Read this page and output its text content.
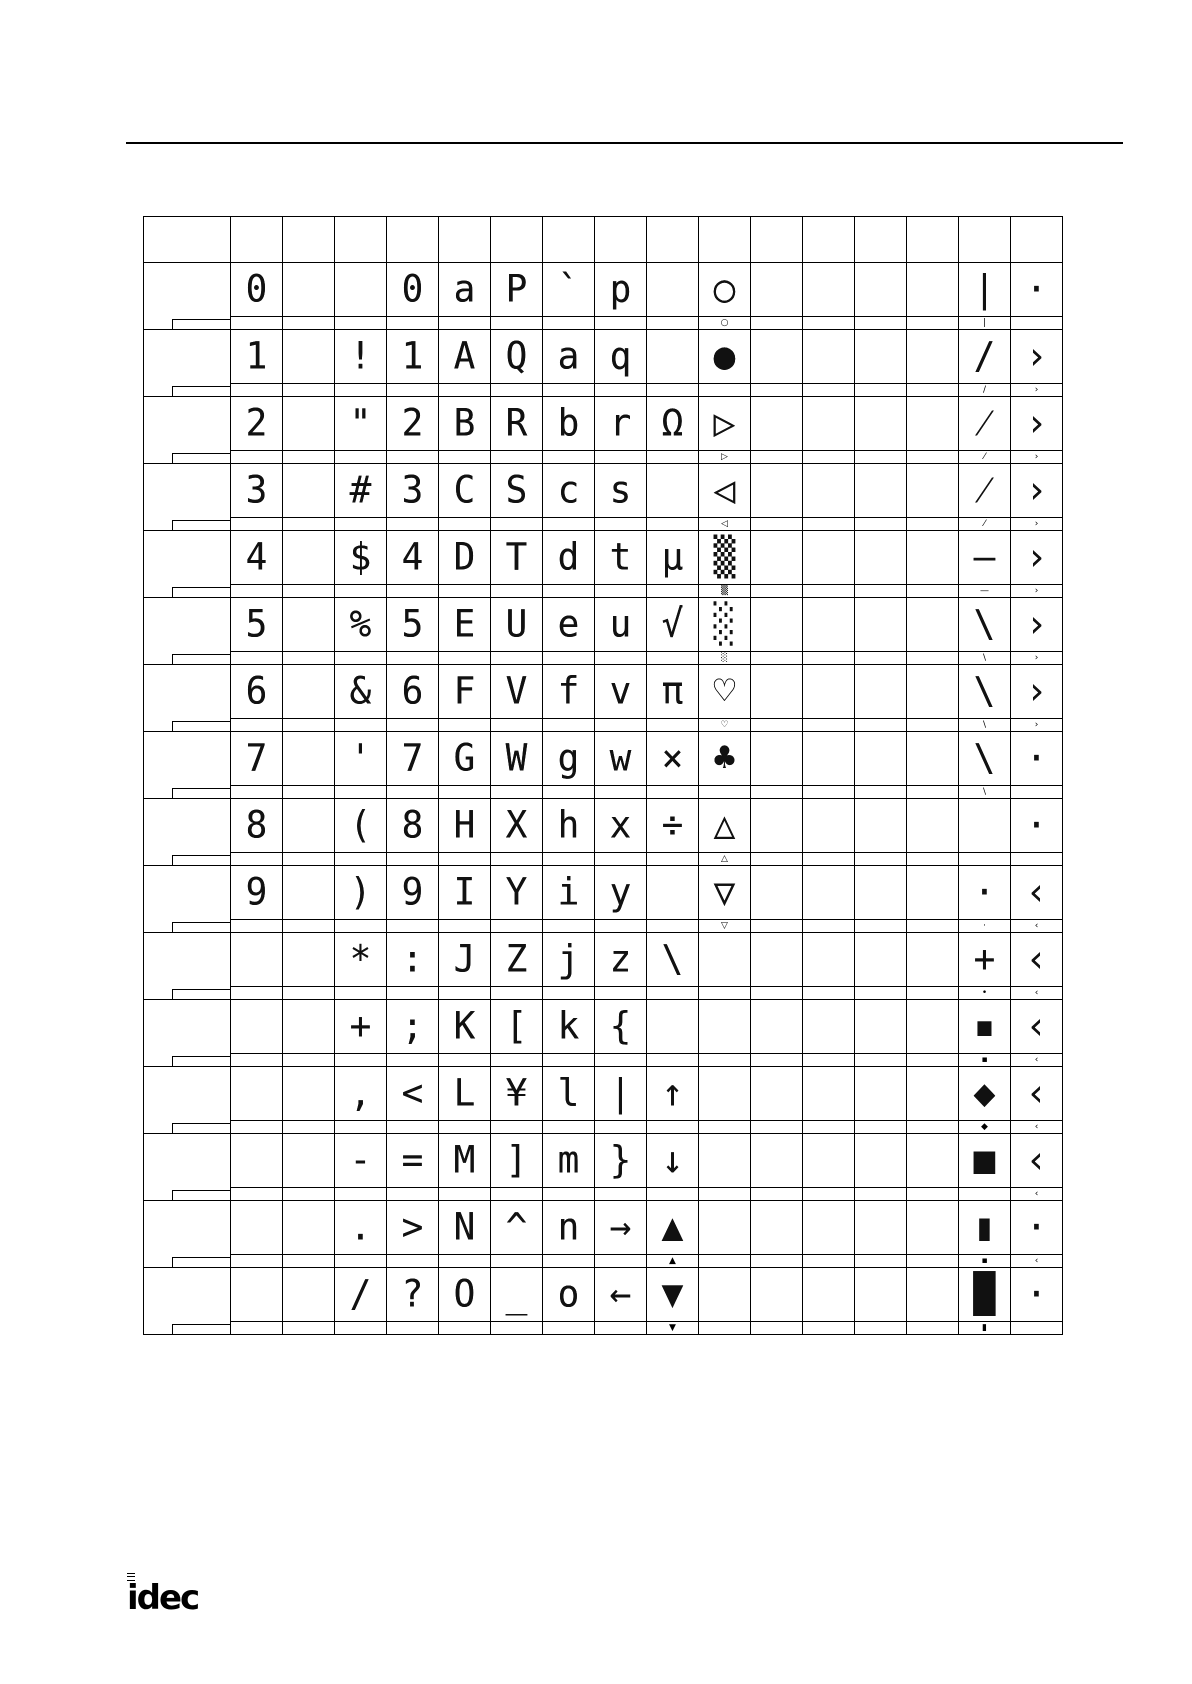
	0			0	a	P	`	p		○					|	·
										○					|	

	1		!	1	A	Q	a	q		●					/	›
															/	›

	2		"	2	B	R	b	r	Ω	▷					⁄	›
										▷					⁄	›

	3		#	3	C	S	c	s		◁					⁄	›
										◁					⁄	›

	4		$	4	D	T	d	t	µ	▒					—	›
										▒					—	›

	5		%	5	E	U	e	u	√	░					\	›
										░					\	›

	6		&	6	F	V	f	v	π	♡					\	›
										♡					\	›

	7		'	7	G	W	g	w	×	♣					\	·
															\	

	8		(	8	H	X	h	x	÷	△						·
										△						

	9		)	9	I	Y	i	y		▽					·	‹
										▽					·	‹

			*	:	J	Z	j	z	\						+	‹
															•	‹

			+	;	K	[	k	{							▪	‹
															▪	‹

			,	<	L	¥	l	|	↑						◆	‹
															◆	‹

			-	=	M	]	m	}	↓						■	‹
																‹

			.	>	N	^	n	→	▲						▮	·
									▲						▪	‹

			/	?	O	_	o	←	▼						█	·
									▼						▮	
idec
